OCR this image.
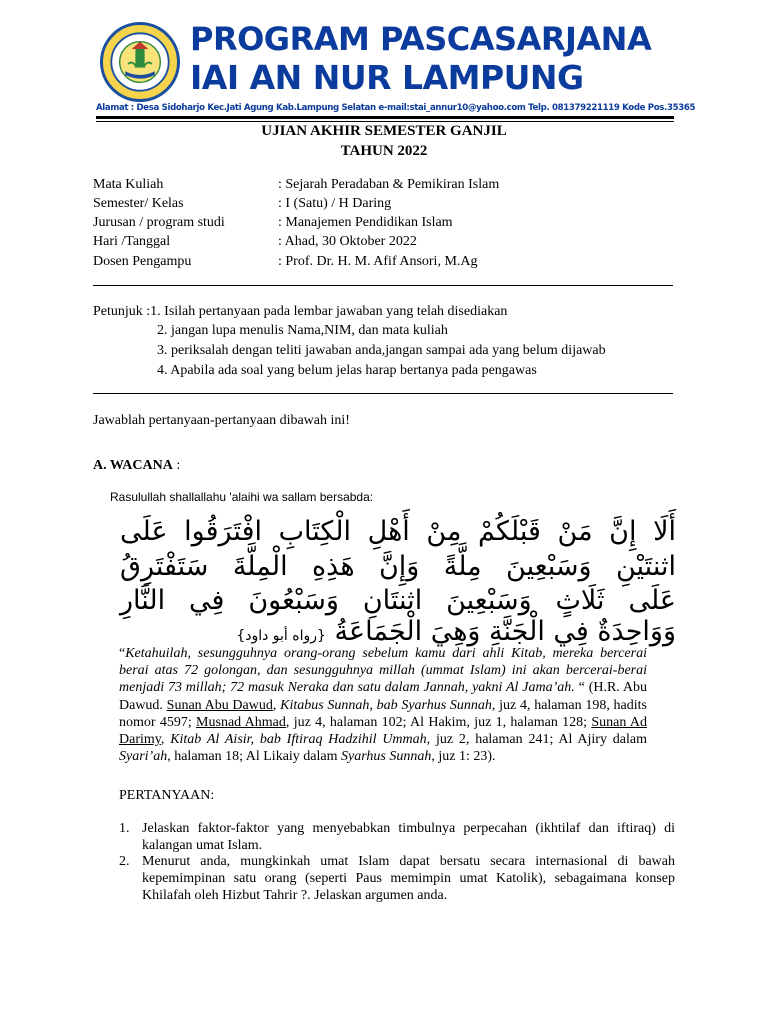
PROGRAM PASCASARJANA
IAI AN NUR LAMPUNG
Alamat : Desa Sidoharjo Kec.Jati Agung Kab.Lampung Selatan e-mail:stai_annur10@yahoo.com Telp. 081379221119 Kode Pos.35365
UJIAN AKHIR SEMESTER GANJIL
TAHUN 2022
Mata Kuliah	: Sejarah Peradaban & Pemikiran Islam
Semester/ Kelas	: I (Satu) / H Daring
Jurusan / program studi	: Manajemen Pendidikan Islam
Hari /Tanggal	: Ahad, 30 Oktober 2022
Dosen Pengampu	: Prof. Dr. H. M. Afif Ansori, M.Ag
Petunjuk :1. Isilah pertanyaan pada lembar jawaban yang telah disediakan
2. jangan lupa menulis Nama,NIM, dan mata kuliah
3. periksalah dengan teliti jawaban anda,jangan sampai ada yang belum dijawab
4. Apabila ada soal yang belum jelas harap bertanya pada pengawas
Jawablah pertanyaan-pertanyaan dibawah ini!
A. WACANA :
Rasulullah shallallahu 'alaihi wa sallam bersabda:
أَلَا إِنَّ مَنْ قَبْلَكُمْ مِنْ أَهْلِ الْكِتَابِ افْتَرَقُوا عَلَى
اثنتَيْنِ وَسَبْعِينَ مِلَّةً وَإِنَّ هَذِهِ الْمِلَّةَ سَتَفْتَرِقُ
عَلَى ثَلَاثٍ وَسَبْعِينَ اثنتَانِ وَسَبْعُونَ فِي النَّارِ
وَوَاحِدَةٌ فِي الْجَنَّةِ وَهِيَ الْجَمَاعَةُ {رواه أبو داود}
“Ketahuilah, sesungguhnya orang-orang sebelum kamu dari ahli Kitab, mereka bercerai berai atas 72 golongan, dan sesungguhnya millah (ummat Islam) ini akan bercerai-berai menjadi 73 millah; 72 masuk Neraka dan satu dalam Jannah, yakni Al Jama’ah. “ (H.R. Abu Dawud. Sunan Abu Dawud, Kitabus Sunnah, bab Syarhus Sunnah, juz 4, halaman 198, hadits nomor 4597; Musnad Ahmad, juz 4, halaman 102; Al Hakim, juz 1, halaman 128; Sunan Ad Darimy, Kitab Al Aisir, bab Iftiraq Hadzihil Ummah, juz 2, halaman 241; Al Ajiry dalam Syari’ah, halaman 18; Al Likaiy dalam Syarhus Sunnah, juz 1: 23).
PERTANYAAN:
1. Jelaskan faktor-faktor yang menyebabkan timbulnya perpecahan (ikhtilaf dan iftiraq) di kalangan umat Islam.
2. Menurut anda, mungkinkah umat Islam dapat bersatu secara internasional di bawah kepemimpinan satu orang (seperti Paus memimpin umat Katolik), sebagaimana konsep Khilafah oleh Hizbut Tahrir ?. Jelaskan argumen anda.
